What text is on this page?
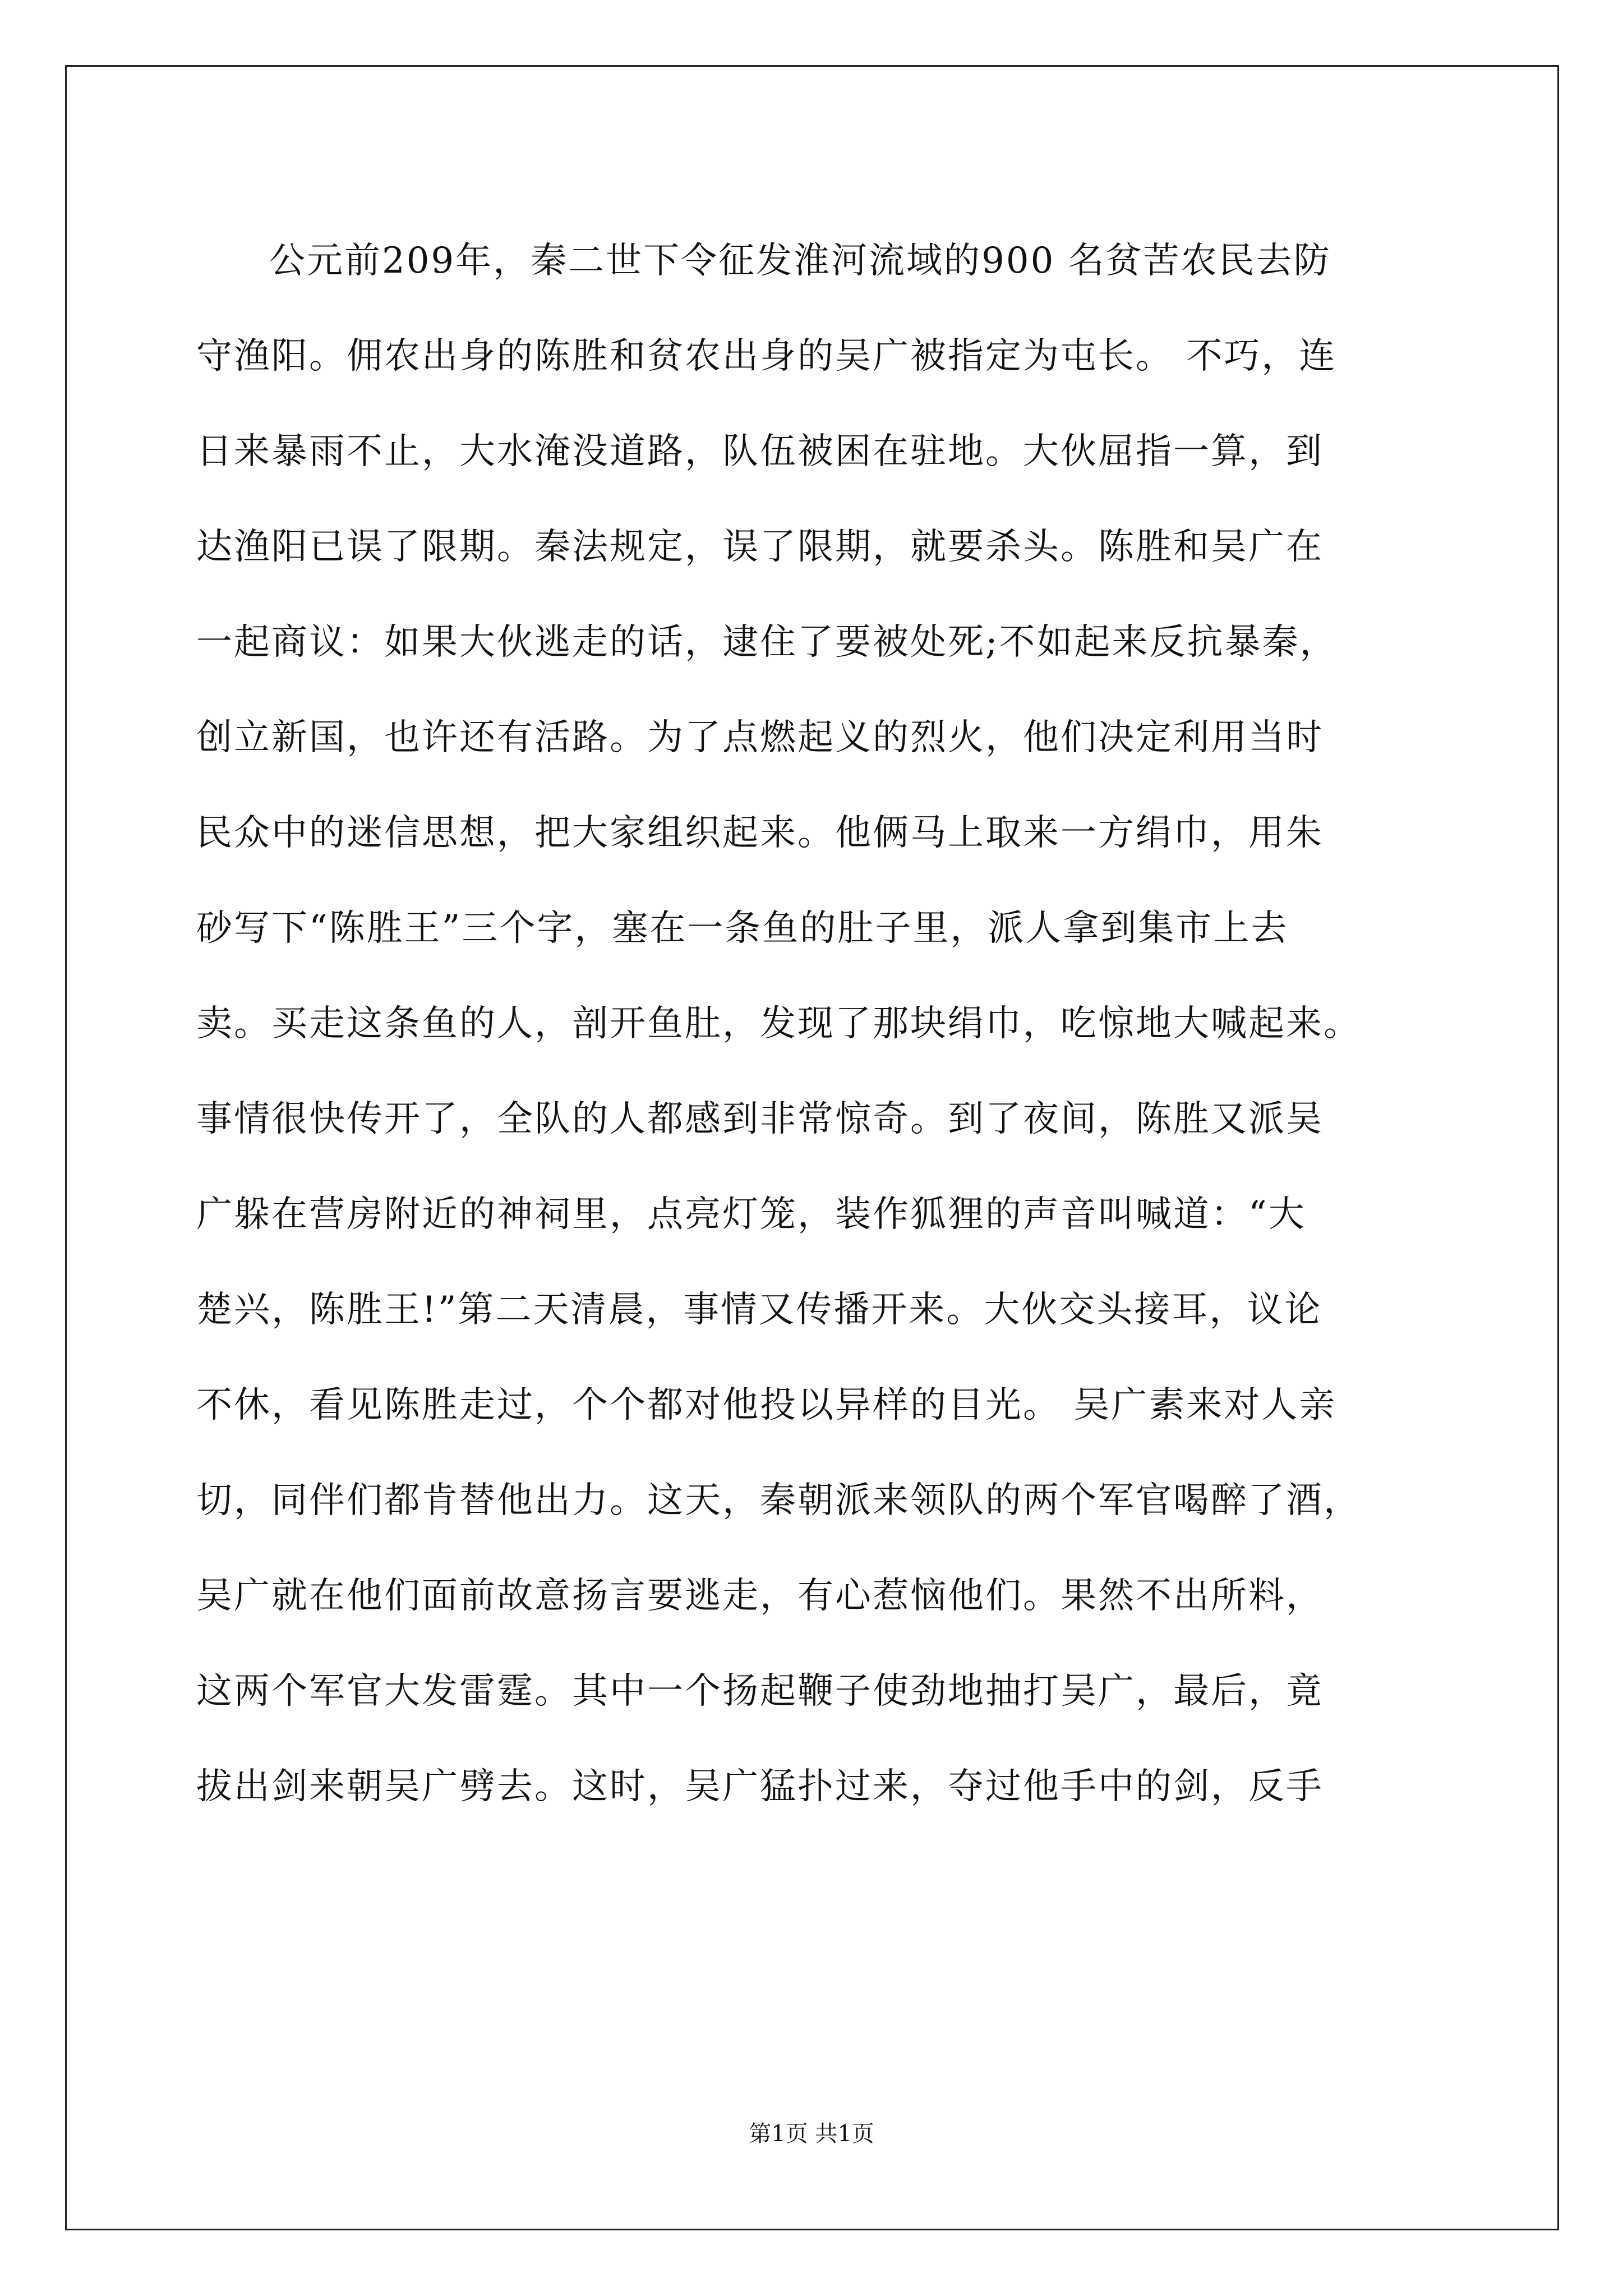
公元前209年，秦二世下令征发淮河流域的900 名贫苦农民去防
守渔阳。佣农出身的陈胜和贫农出身的吴广被指定为屯长。 不巧，连
日来暴雨不止，大水淹没道路，队伍被困在驻地。大伙屈指一算，到
达渔阳已误了限期。秦法规定，误了限期，就要杀头。陈胜和吴广在
一起商议：如果大伙逃走的话，逮住了要被处死;不如起来反抗暴秦，
创立新国，也许还有活路。为了点燃起义的烈火，他们决定利用当时
民众中的迷信思想，把大家组织起来。他俩马上取来一方绢巾，用朱
砂写下“陈胜王”三个字，塞在一条鱼的肚子里，派人拿到集市上去
卖。买走这条鱼的人，剖开鱼肚，发现了那块绢巾，吃惊地大喊起来。
事情很快传开了，全队的人都感到非常惊奇。到了夜间，陈胜又派吴
广躲在营房附近的神祠里，点亮灯笼，装作狐狸的声音叫喊道：“大
楚兴，陈胜王!”第二天清晨，事情又传播开来。大伙交头接耳，议论
不休，看见陈胜走过，个个都对他投以异样的目光。 吴广素来对人亲
切，同伴们都肯替他出力。这天，秦朝派来领队的两个军官喝醉了酒，
吴广就在他们面前故意扬言要逃走，有心惹恼他们。果然不出所料，
这两个军官大发雷霆。其中一个扬起鞭子使劲地抽打吴广，最后，竟
拔出剑来朝吴广劈去。这时，吴广猛扑过来，夺过他手中的剑，反手
第1页 共1页
